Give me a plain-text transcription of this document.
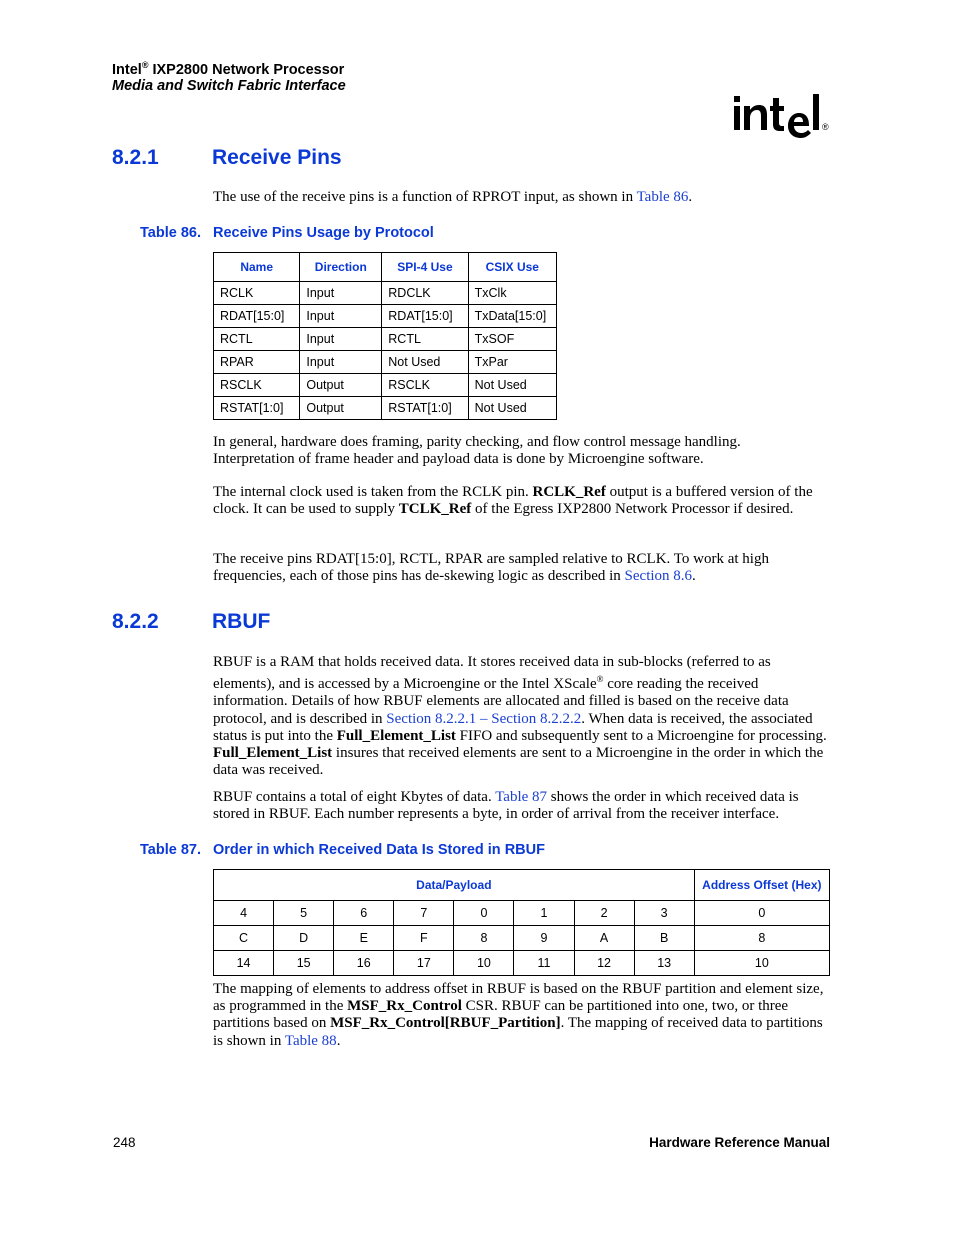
Intel® IXP2800 Network Processor
Media and Switch Fabric Interface
®
8.2.1	Receive Pins
The use of the receive pins is a function of RPROT input, as shown in Table 86.
Table 86. Receive Pins Usage by Protocol
Name	Direction	SPI-4 Use	CSIX Use
RCLK	Input	RDCLK	TxClk
RDAT[15:0]	Input	RDAT[15:0]	TxData[15:0]
RCTL	Input	RCTL	TxSOF
RPAR	Input	Not Used	TxPar
RSCLK	Output	RSCLK	Not Used
RSTAT[1:0]	Output	RSTAT[1:0]	Not Used
In general, hardware does framing, parity checking, and flow control message handling.
Interpretation of frame header and payload data is done by Microengine software.
The internal clock used is taken from the RCLK pin. RCLK_Ref output is a buffered version of the clock. It can be used to supply TCLK_Ref of the Egress IXP2800 Network Processor if desired.
The receive pins RDAT[15:0], RCTL, RPAR are sampled relative to RCLK. To work at high frequencies, each of those pins has de-skewing logic as described in Section 8.6.
8.2.2	RBUF
RBUF is a RAM that holds received data. It stores received data in sub-blocks (referred to as elements), and is accessed by a Microengine or the Intel XScale® core reading the received information. Details of how RBUF elements are allocated and filled is based on the receive data protocol, and is described in Section 8.2.2.1 – Section 8.2.2.2. When data is received, the associated status is put into the Full_Element_List FIFO and subsequently sent to a Microengine for processing. Full_Element_List insures that received elements are sent to a Microengine in the order in which the data was received.
RBUF contains a total of eight Kbytes of data. Table 87 shows the order in which received data is stored in RBUF. Each number represents a byte, in order of arrival from the receiver interface.
Table 87. Order in which Received Data Is Stored in RBUF
Data/Payload								Address Offset (Hex)
4	5	6	7	0	1	2	3	0
C	D	E	F	8	9	A	B	8
14	15	16	17	10	11	12	13	10
The mapping of elements to address offset in RBUF is based on the RBUF partition and element size, as programmed in the MSF_Rx_Control CSR. RBUF can be partitioned into one, two, or three partitions based on MSF_Rx_Control[RBUF_Partition]. The mapping of received data to partitions is shown in Table 88.
248	Hardware Reference Manual
